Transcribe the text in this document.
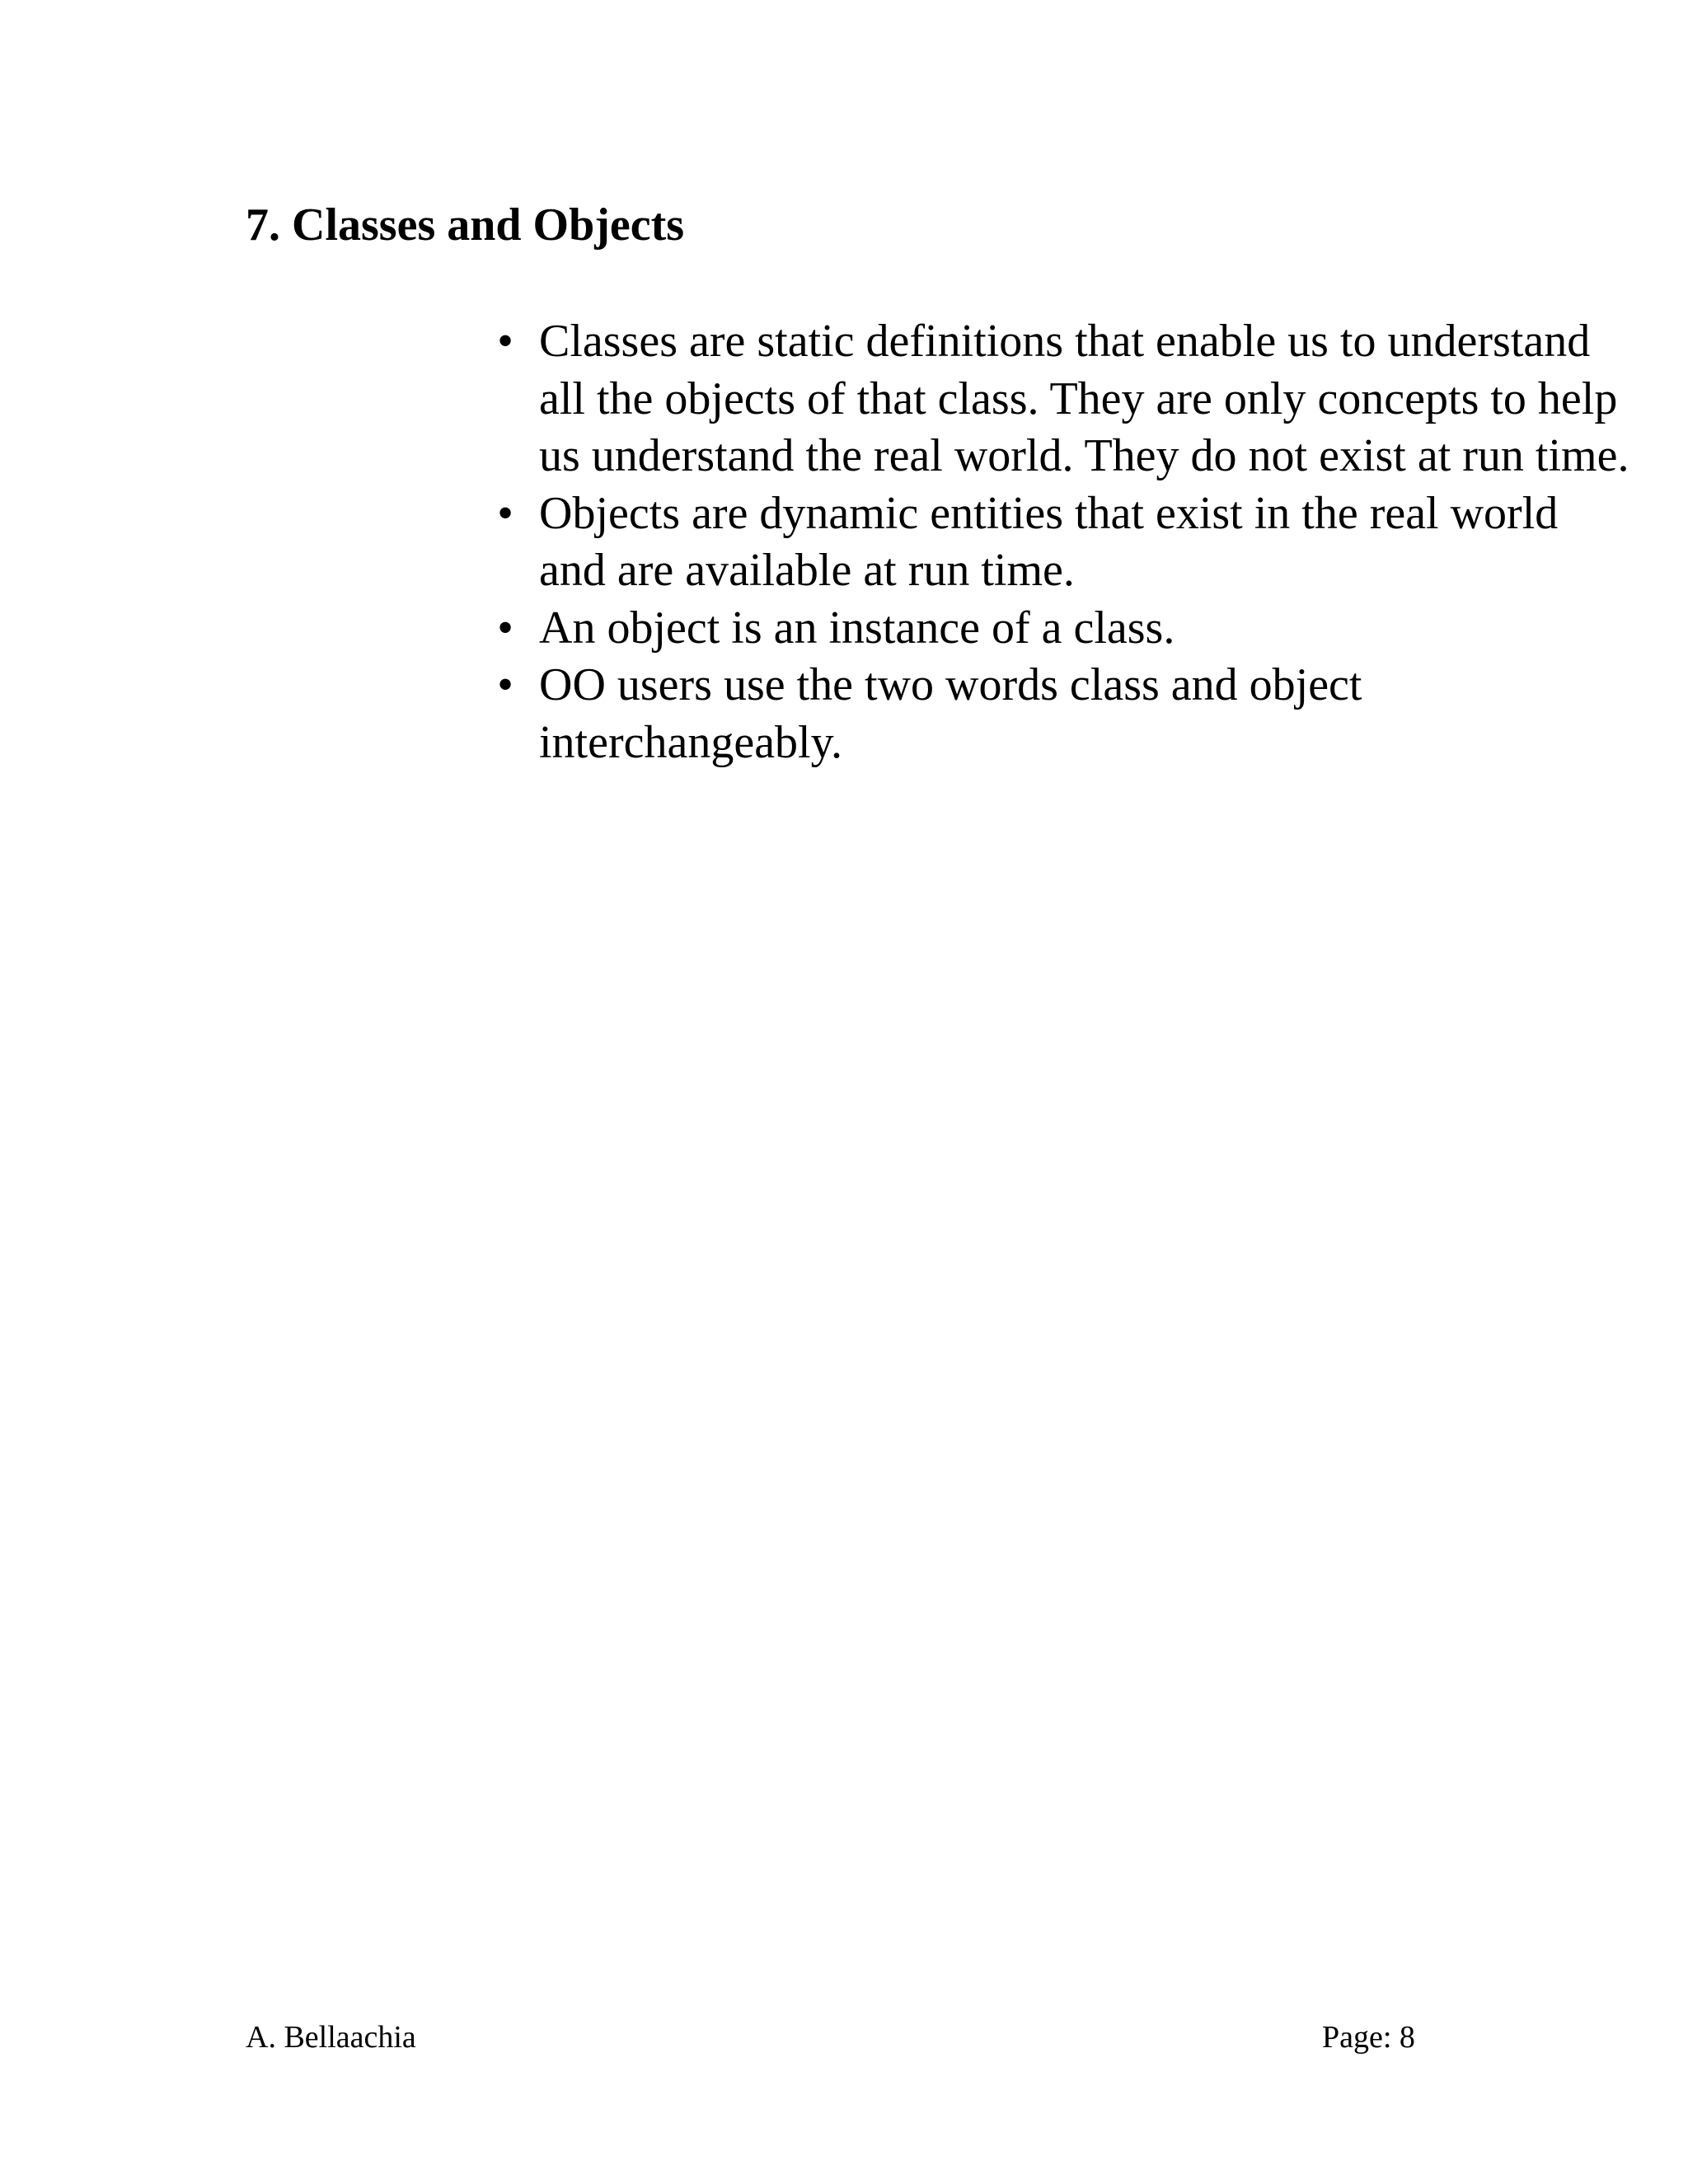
7. Classes and Objects
• Classes are static definitions that enable us to understand all the objects of that class. They are only concepts to help us understand the real world. They do not exist at run time.
• Objects are dynamic entities that exist in the real world and are available at run time.
• An object is an instance of a class.
• OO users use the two words class and object interchangeably.
A. Bellaachia	Page: 8
